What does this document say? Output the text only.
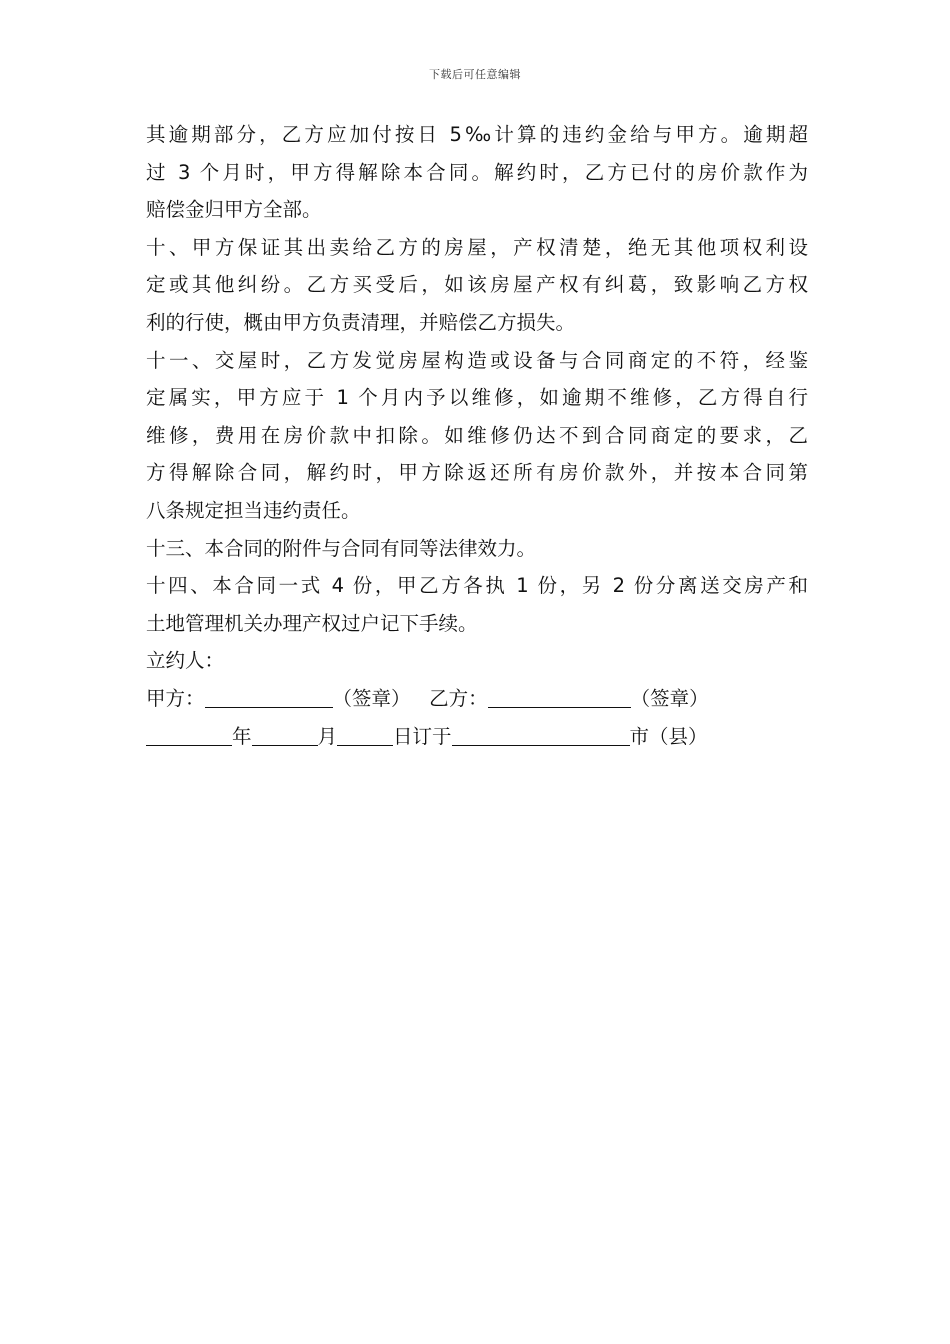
下载后可任意编辑
其逾期部分，乙方应加付按日 5‰计算的违约金给与甲方。逾期超
过 3 个月时，甲方得解除本合同。解约时，乙方已付的房价款作为
赔偿金归甲方全部。
十、甲方保证其出卖给乙方的房屋，产权清楚，绝无其他项权利设
定或其他纠纷。乙方买受后，如该房屋产权有纠葛，致影响乙方权
利的行使，概由甲方负责清理，并赔偿乙方损失。
十一、交屋时，乙方发觉房屋构造或设备与合同商定的不符，经鉴
定属实，甲方应于 1 个月内予以维修，如逾期不维修，乙方得自行
维修，费用在房价款中扣除。如维修仍达不到合同商定的要求，乙
方得解除合同，解约时，甲方除返还所有房价款外，并按本合同第
八条规定担当违约责任。
十三、本合同的附件与合同有同等法律效力。
十四、本合同一式 4 份，甲乙方各执 1 份，另 2 份分离送交房产和
土地管理机关办理产权过户记下手续。
立约人：
甲方：	（签章） 乙方：	（签章）
年	月	日订于	市（县）
